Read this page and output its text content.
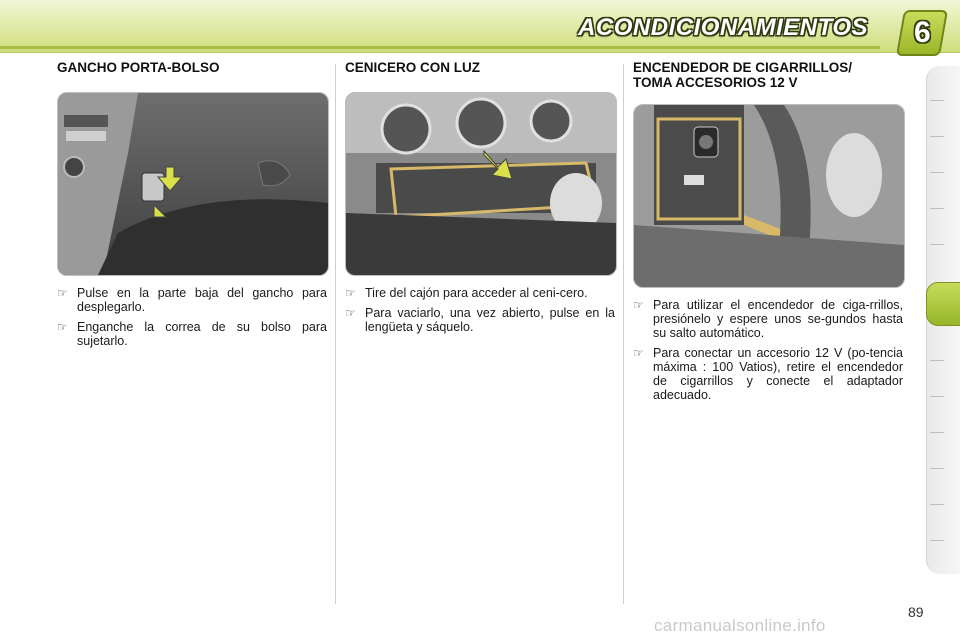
ACONDICIONAMIENTOS 6
GANCHO PORTA-BOLSO
☞ Pulse en la parte baja del gancho para desplegarlo.
☞ Enganche la correa de su bolso para sujetarlo.
CENICERO CON LUZ
☞ Tire del cajón para acceder al ceni-cero.
☞ Para vaciarlo, una vez abierto, pulse en la lengüeta y sáquelo.
ENCENDEDOR DE CIGARRILLOS/
TOMA ACCESORIOS 12 V
☞ Para utilizar el encendedor de ciga-rrillos, presiónelo y espere unos se-gundos hasta su salto automático.
☞ Para conectar un accesorio 12 V (po-tencia máxima : 100 Vatios), retire el encendedor de cigarrillos y conecte el adaptador adecuado.
89
carmanualsonline.info
